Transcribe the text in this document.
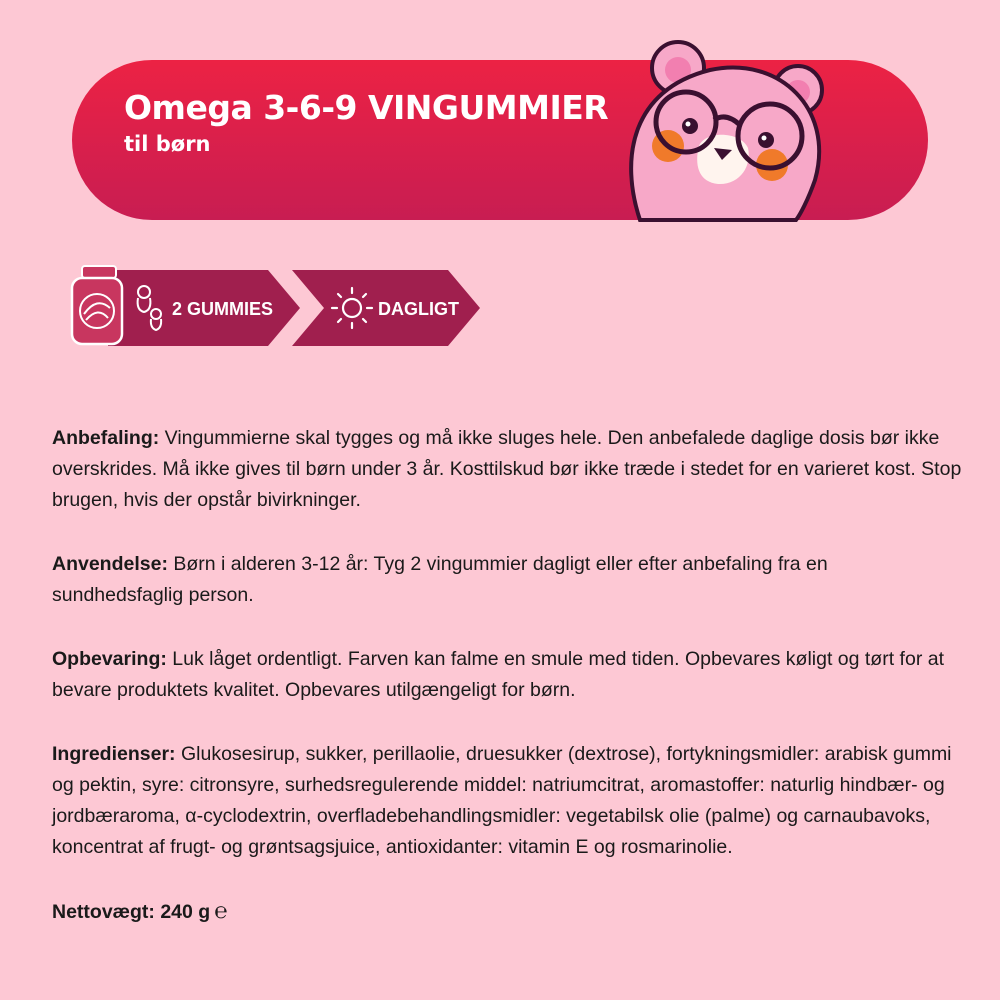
Omega 3-6-9 VINGUMMIER
til børn
2 GUMMIES	DAGLIGT

Anbefaling: Vingummierne skal tygges og må ikke sluges hele. Den anbefalede daglige dosis bør ikke overskrides. Må ikke gives til børn under 3 år. Kosttilskud bør ikke træde i stedet for en varieret kost. Stop brugen, hvis der opstår bivirkninger.

Anvendelse: Børn i alderen 3-12 år: Tyg 2 vingummier dagligt eller efter anbefaling fra en sundhedsfaglig person.

Opbevaring: Luk låget ordentligt. Farven kan falme en smule med tiden. Opbevares køligt og tørt for at bevare produktets kvalitet. Opbevares utilgængeligt for børn.

Ingredienser: Glukosesirup, sukker, perillaolie, druesukker (dextrose), fortykningsmidler: arabisk gummi og pektin, syre: citronsyre, surhedsregulerende middel: natriumcitrat, aromastoffer: naturlig hindbær- og jordbæraroma, α-cyclodextrin, overfladebehandlingsmidler: vegetabilsk olie (palme) og carnaubavoks, koncentrat af frugt- og grøntsagsjuice, antioxidanter: vitamin E og rosmarinolie.

Nettovægt: 240 g ℮
